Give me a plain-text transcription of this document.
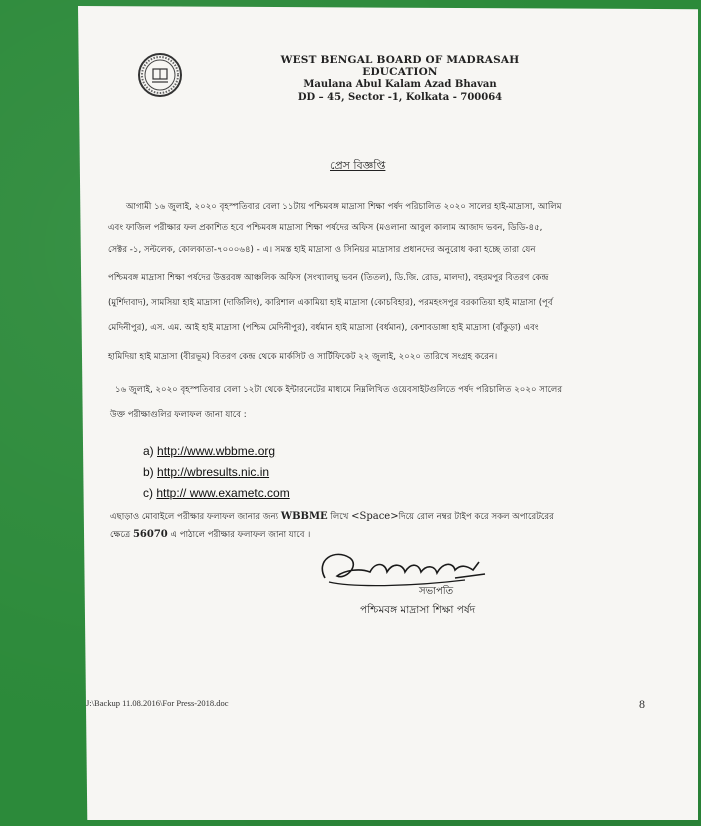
WEST BENGAL BOARD OF MADRASAH EDUCATION
Maulana Abul Kalam Azad Bhavan
DD – 45, Sector -1, Kolkata - 700064
প্রেস বিজ্ঞপ্তি
আগামী ১৬ জুলাই, ২০২০ বৃহস্পতিবার বেলা ১১টায় পশ্চিমবঙ্গ মাদ্রাসা শিক্ষা পর্ষদ পরিচালিত ২০২০ সালের হাই-মাদ্রাসা, আলিম
এবং ফাজিল পরীক্ষার ফল প্রকাশিত হবে পশ্চিমবঙ্গ মাদ্রাসা শিক্ষা পর্ষদের অফিস (মওলানা আবুল কালাম আজাদ ভবন, ডিডি-৪৫,
সেক্টর -১, সল্টলেক, কোলকাতা-৭০০০৬৪) - এ। সমস্ত হাই মাদ্রাসা ও সিনিয়র মাদ্রাসার প্রধানদের অনুরোধ করা হচ্ছে তারা যেন
পশ্চিমবঙ্গ মাদ্রাসা শিক্ষা পর্ষদের উত্তরবঙ্গ আঞ্চলিক অফিস (সংখ্যালঘু ভবন (তিতল), ডি.জি. রোড, মালদা), বহরমপুর বিতরণ কেন্দ্র
(মুর্শিদাবাদ), সামসিয়া হাই মাদ্রাসা (দার্জিলিং), কারিশাল একামিয়া হাই মাদ্রাসা (কোচবিহার), পরমহংসপুর বরকাতিয়া হাই মাদ্রাসা (পূর্ব
মেদিনীপুর), এস. এম. আই হাই মাদ্রাসা (পশ্চিম মেদিনীপুর), বর্ধমান হাই মাদ্রাসা (বর্ধমান), কেশাবডাঙ্গা হাই মাদ্রাসা (বাঁকুড়া) এবং
হামিদিয়া হাই মাদ্রাসা (বীরভূম) বিতরণ কেন্দ্র থেকে মার্কসিট ও সার্টিফিকেট ২২ জুলাই, ২০২০ তারিখে সংগ্রহ করেন।
১৬ জুলাই, ২০২০ বৃহস্পতিবার বেলা ১২টা থেকে ইন্টারনেটের মাধ্যমে নিম্নলিখিত ওয়েবসাইটগুলিতে পর্ষদ পরিচালিত ২০২০ সালের
উক্ত পরীক্ষাগুলির ফলাফল জানা যাবে :
a) http://www.wbbme.org
b) http://wbresults.nic.in
c) http:// www.exametc.com
এছাড়াও মোবাইলে পরীক্ষার ফলাফল জানার জন্য WBBME লিখে <Space>দিয়ে রোল নম্বর টাইপ করে সকল অপারেটরের
ক্ষেত্রে 56070 এ পাঠালে পরীক্ষার ফলাফল জানা যাবে ।
সভাপতি
পশ্চিমবঙ্গ মাদ্রাসা শিক্ষা পর্ষদ
J:\Backup 11.08.2016\For Press-2018.doc	8
